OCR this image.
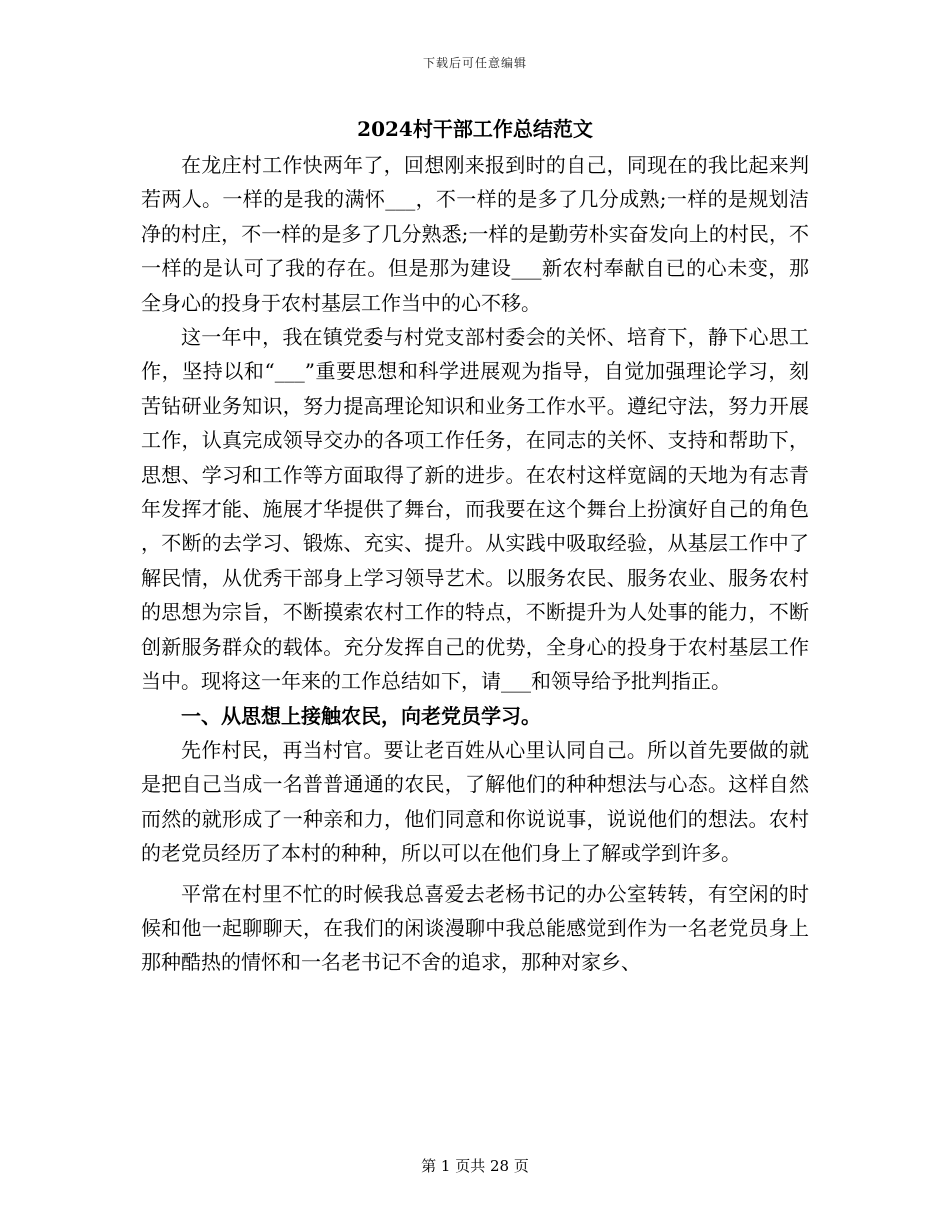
下载后可任意编辑
2024村干部工作总结范文

在龙庄村工作快两年了，回想刚来报到时的自己，同现在的我比起来判若两人。一样的是我的满怀___，不一样的是多了几分成熟;一样的是规划洁净的村庄，不一样的是多了几分熟悉;一样的是勤劳朴实奋发向上的村民，不一样的是认可了我的存在。但是那为建设___新农村奉献自已的心未变，那全身心的投身于农村基层工作当中的心不移。

这一年中，我在镇党委与村党支部村委会的关怀、培育下，静下心思工作，坚持以和“___”重要思想和科学进展观为指导，自觉加强理论学习，刻苦钻研业务知识，努力提高理论知识和业务工作水平。遵纪守法，努力开展工作，认真完成领导交办的各项工作任务，在同志的关怀、支持和帮助下，思想、学习和工作等方面取得了新的进步。在农村这样宽阔的天地为有志青年发挥才能、施展才华提供了舞台，而我要在这个舞台上扮演好自己的角色，不断的去学习、锻炼、充实、提升。从实践中吸取经验，从基层工作中了解民情，从优秀干部身上学习领导艺术。以服务农民、服务农业、服务农村的思想为宗旨，不断摸索农村工作的特点，不断提升为人处事的能力，不断创新服务群众的载体。充分发挥自己的优势，全身心的投身于农村基层工作当中。现将这一年来的工作总结如下，请___和领导给予批判指正。

一、从思想上接触农民，向老党员学习。

先作村民，再当村官。要让老百姓从心里认同自己。所以首先要做的就是把自己当成一名普普通通的农民，了解他们的种种想法与心态。这样自然而然的就形成了一种亲和力，他们同意和你说说事，说说他们的想法。农村的老党员经历了本村的种种，所以可以在他们身上了解或学到许多。

平常在村里不忙的时候我总喜爱去老杨书记的办公室转转，有空闲的时候和他一起聊聊天，在我们的闲谈漫聊中我总能感觉到作为一名老党员身上那种酷热的情怀和一名老书记不舍的追求，那种对家乡、

第 1 页共 28 页
